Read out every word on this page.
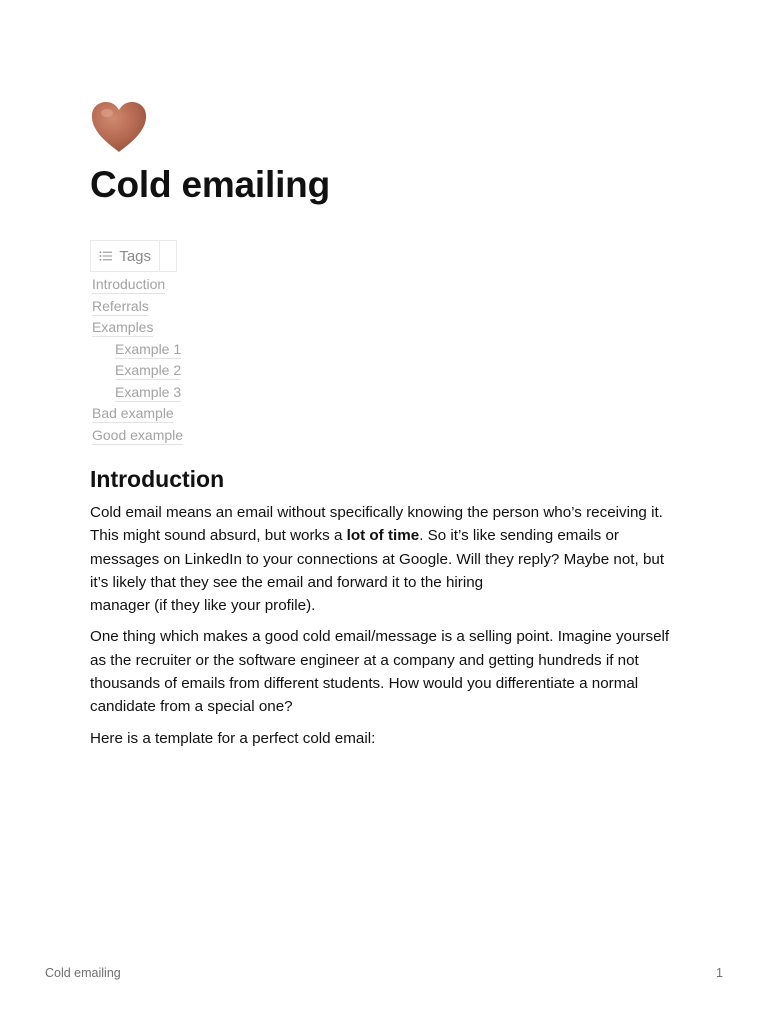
Cold emailing
Tags
Introduction
Referrals
Examples
Example 1
Example 2
Example 3
Bad example
Good example
Introduction

Cold email means an email without specifically knowing the person who’s receiving it. This might sound absurd, but works a lot of time. So it’s like sending emails or messages on LinkedIn to your connections at Google. Will they reply? Maybe not, but it’s likely that they see the email and forward it to the hiring
manager (if they like your profile).

One thing which makes a good cold email/message is a selling point. Imagine yourself as the recruiter or the software engineer at a company and getting hundreds if not thousands of emails from different students. How would you differentiate a normal candidate from a special one?

Here is a template for a perfect cold email:

Cold emailing	1
